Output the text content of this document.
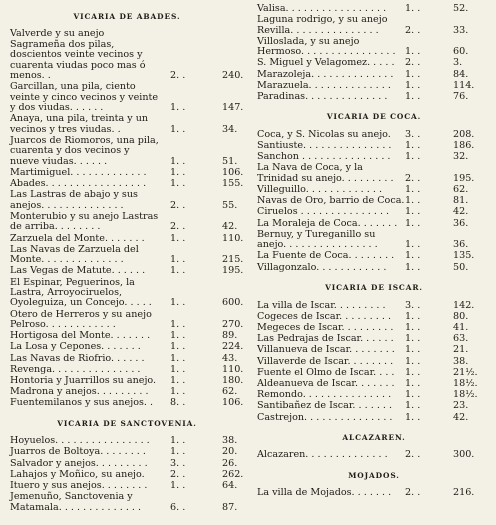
VICARIA DE ABADES.
Valverde y su anejo Sagrameña dos pilas, doscientos veinte vecinos y cuarenta viudas poco mas ó menos. .	2. .	240.
Garcillan, una pila, ciento veinte y cinco vecinos y veinte y dos viudas. . . . . .	1. .	147.
Anaya, una pila, treinta y un vecinos y tres viudas. .	1. .	34.
Juarcos de Riomoros, una pila, cuarenta y dos vecinos y nueve viudas. . . . . .	1. .	51.
Martimiguel. . . . . . . . . . . . .	1. .	106.
Abades. . . . . . . . . . . . . . . . .	1. .	155.
Las Lastras de abajo y sus anejos. . . . . . . . . . . . . .	2. .	55.
Monterubio y su anejo Lastras de arriba. . . . . . . .	2. .	42.
Zarzuela del Monte. . . . . . .	1. .	110.
Las Navas de Zarzuela del Monte. . . . . . . . . . . . . .	1. .	215.
Las Vegas de Matute. . . . . .	1. .	195.
El Espinar, Peguerinos, la Lastra, Arroyociruelos, Oyoleguiza, un Concejo. . . . .	1. .	600.
Otero de Herreros y su anejo Pelroso. . . . . . . . . . . .	1. .	270.
Hortigosa del Monte. . . . . . .	1. .	89.
La Losa y Cepones. . . . . . .	1. .	224.
Las Navas de Riofrio. . . . . .	1. .	43.
Revenga. . . . . . . . . . . . . . .	1. .	110.
Hontoria y Juarrillos su anejo.	1. .	180.
Madrona y anejos. . . . . . . . .	1. .	62.
Fuentemilanos y sus anejos. .	8. .	106.
VICARIA DE SANCTOVENIA.
Hoyuelos. . . . . . . . . . . . . . . .	1. .	38.
Juarros de Boltoya. . . . . . . .	1. .	20.
Salvador y anejos. . . . . . . . .	3. .	26.
Lahajos y Moñico, su anejo.	2. .	262.
Ituero y sus anejos. . . . . . . .	1. .	64.
Jemenuño, Sanctovenia y Matamala. . . . . . . . . . . . . .	6. .	87.
Valisa. . . . . . . . . . . . . . . . .	1. .	52.
Laguna rodrigo, y su anejo Revilla. . . . . . . . . . . . . . .	2. .	33.
Villoslada, y su anejo Hermoso. . . . . . . . . . . . . . . . 1. .	60.
S. Miguel y Velagomez. . . . .	2. .	3.
Marazoleja. . . . . . . . . . . . . .	1. .	84.
Marazuela. . . . . . . . . . . . . .	1. .	114.
Paradinas. . . . . . . . . . . . . .	1. .	76.
VICARIA DE COCA.
Coca, y S. Nicolas su anejo.	3. .	208.
Santiuste. . . . . . . . . . . . . . .	1. .	186.
Sanchon . . . . . . . . . . . . . . .	1. .	32.
La Nava de Coca, y la Trinidad su anejo. . . . . . . . .	2. .	195.
Villeguillo. . . . . . . . . . . . .	1. .	62.
Navas de Oro, barrio de Coca. 1. .	81.
Ciruelos . . . . . . . . . . . . . . .	1. .	42.
La Moraleja de Coca. . . . . . . 1. .	36.
Bernuy, y Tureganillo su anejo. . . . . . . . . . . . . . . .	1. .	36.
La Fuente de Coca. . . . . . . .	1. .	135.
Villagonzalo. . . . . . . . . . . .	1. .	50.
VICARIA DE ISCAR.
La villa de Iscar. . . . . . . . .	3. .	142.
Cogeces de Iscar. . . . . . . . .	1. .	80.
Megeces de Iscar. . . . . . . . .	1. .	41.
Las Pedrajas de Iscar. . . . . .	1. .	63.
Villanueva de Iscar. . . . . . . .	1. .	21.
Villaverde de Iscar. . . . . . . .	1. .	38.
Fuente el Olmo de Iscar. . . .	1. .	21½.
Aldeanueva de Iscar. . . . . . .	1. .	18½.
Remondo. . . . . . . . . . . . . . .	1. .	18½.
Santibañez de Iscar. . . . . . .	1. .	23.
Castrejon. . . . . . . . . . . . . . .	1. .	42.
ALCAZAREN.
Alcazaren. . . . . . . . . . . . . .	2. .	300.
MOJADOS.
La villa de Mojados. . . . . . .	2. .	216.
